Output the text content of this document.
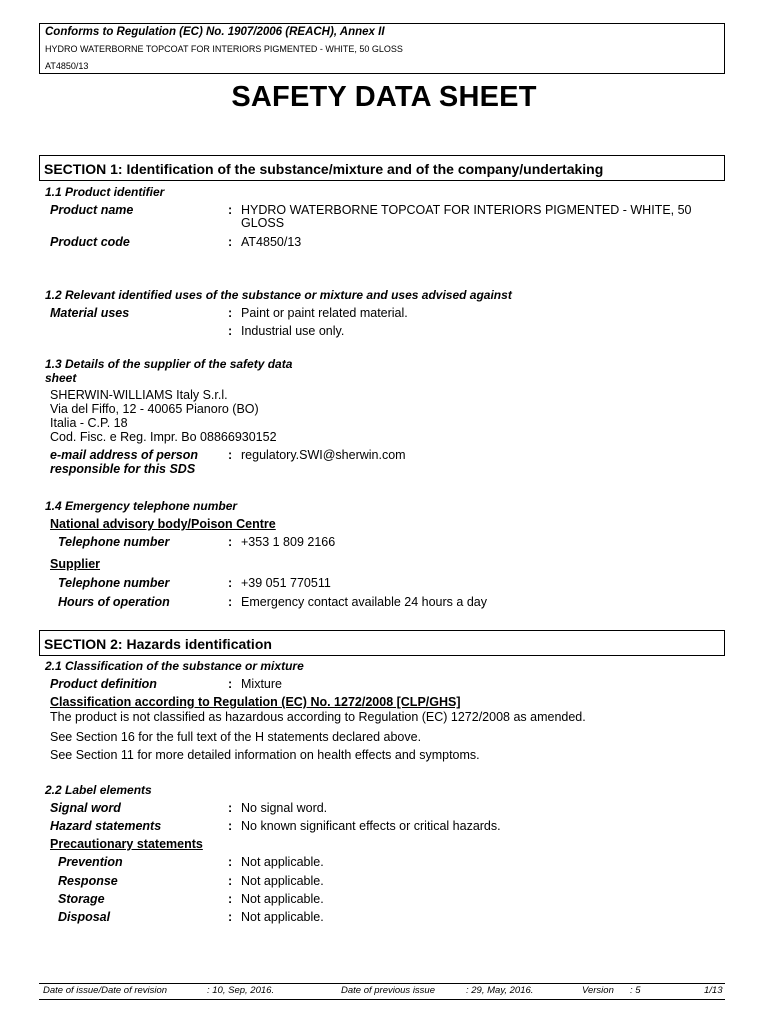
Conforms to Regulation (EC) No. 1907/2006 (REACH), Annex II
HYDRO WATERBORNE TOPCOAT FOR INTERIORS PIGMENTED - WHITE, 50 GLOSS
AT4850/13
SAFETY DATA SHEET
SECTION 1: Identification of the substance/mixture and of the company/undertaking
1.1 Product identifier
Product name	: HYDRO WATERBORNE TOPCOAT FOR INTERIORS PIGMENTED - WHITE, 50 GLOSS
Product code	: AT4850/13
1.2 Relevant identified uses of the substance or mixture and uses advised against
Material uses	: Paint or paint related material.
: Industrial use only.
1.3 Details of the supplier of the safety data
sheet
SHERWIN-WILLIAMS Italy S.r.l.
Via del Fiffo, 12 - 40065 Pianoro (BO)
Italia - C.P. 18
Cod. Fisc. e Reg. Impr. Bo 08866930152
e-mail address of person
responsible for this SDS
: regulatory.SWI@sherwin.com
1.4 Emergency telephone number
National advisory body/Poison Centre
Telephone number	: +353 1 809 2166
Supplier
Telephone number	: +39 051 770511
Hours of operation	: Emergency contact available 24 hours a day
SECTION 2: Hazards identification
2.1 Classification of the substance or mixture
Product definition	: Mixture
Classification according to Regulation (EC) No. 1272/2008 [CLP/GHS]
The product is not classified as hazardous according to Regulation (EC) 1272/2008 as amended.
See Section 16 for the full text of the H statements declared above.
See Section 11 for more detailed information on health effects and symptoms.
2.2 Label elements
Signal word	: No signal word.
Hazard statements	: No known significant effects or critical hazards.
Precautionary statements
Prevention	: Not applicable.
Response	: Not applicable.
Storage	: Not applicable.
Disposal	: Not applicable.
Date of issue/Date of revision	: 10, Sep, 2016.	Date of previous issue	: 29, May, 2016.	Version : 5	1/13
